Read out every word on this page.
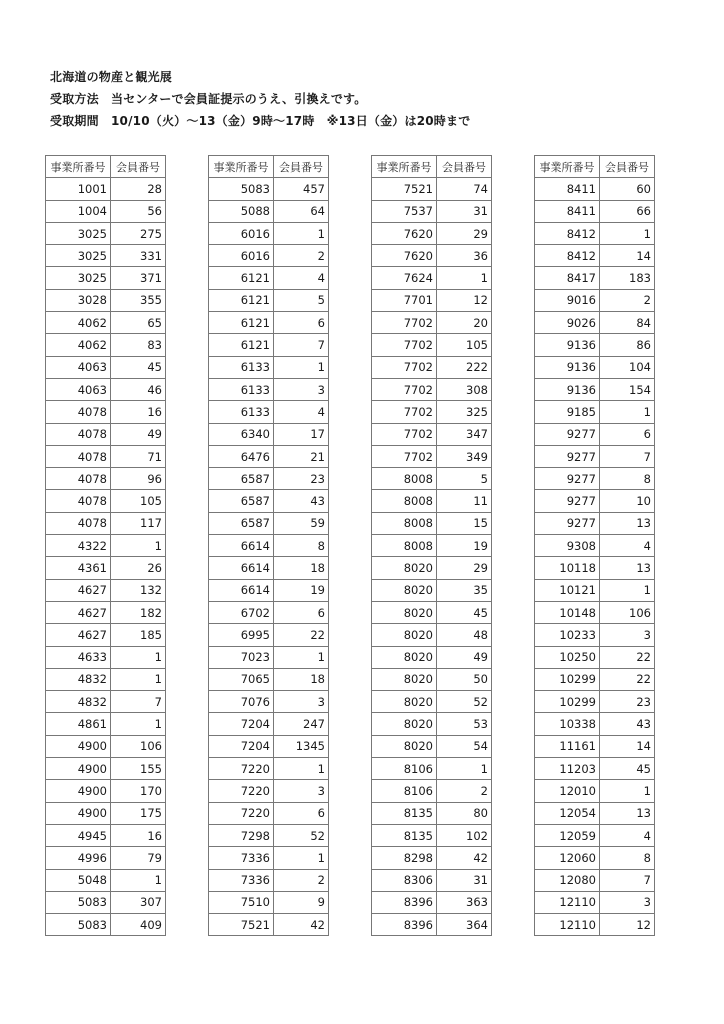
北海道の物産と観光展
受取方法　当センターで会員証提示のうえ、引換えです。
受取期間　10/10（火）～13（金）9時～17時　※13日（金）は20時まで
事業所番号	会員番号
1001	28
1004	56
3025	275
3025	331
3025	371
3028	355
4062	65
4062	83
4063	45
4063	46
4078	16
4078	49
4078	71
4078	96
4078	105
4078	117
4322	1
4361	26
4627	132
4627	182
4627	185
4633	1
4832	1
4832	7
4861	1
4900	106
4900	155
4900	170
4900	175
4945	16
4996	79
5048	1
5083	307
5083	409
事業所番号	会員番号
5083	457
5088	64
6016	1
6016	2
6121	4
6121	5
6121	6
6121	7
6133	1
6133	3
6133	4
6340	17
6476	21
6587	23
6587	43
6587	59
6614	8
6614	18
6614	19
6702	6
6995	22
7023	1
7065	18
7076	3
7204	247
7204	1345
7220	1
7220	3
7220	6
7298	52
7336	1
7336	2
7510	9
7521	42
事業所番号	会員番号
7521	74
7537	31
7620	29
7620	36
7624	1
7701	12
7702	20
7702	105
7702	222
7702	308
7702	325
7702	347
7702	349
8008	5
8008	11
8008	15
8008	19
8020	29
8020	35
8020	45
8020	48
8020	49
8020	50
8020	52
8020	53
8020	54
8106	1
8106	2
8135	80
8135	102
8298	42
8306	31
8396	363
8396	364
事業所番号	会員番号
8411	60
8411	66
8412	1
8412	14
8417	183
9016	2
9026	84
9136	86
9136	104
9136	154
9185	1
9277	6
9277	7
9277	8
9277	10
9277	13
9308	4
10118	13
10121	1
10148	106
10233	3
10250	22
10299	22
10299	23
10338	43
11161	14
11203	45
12010	1
12054	13
12059	4
12060	8
12080	7
12110	3
12110	12
